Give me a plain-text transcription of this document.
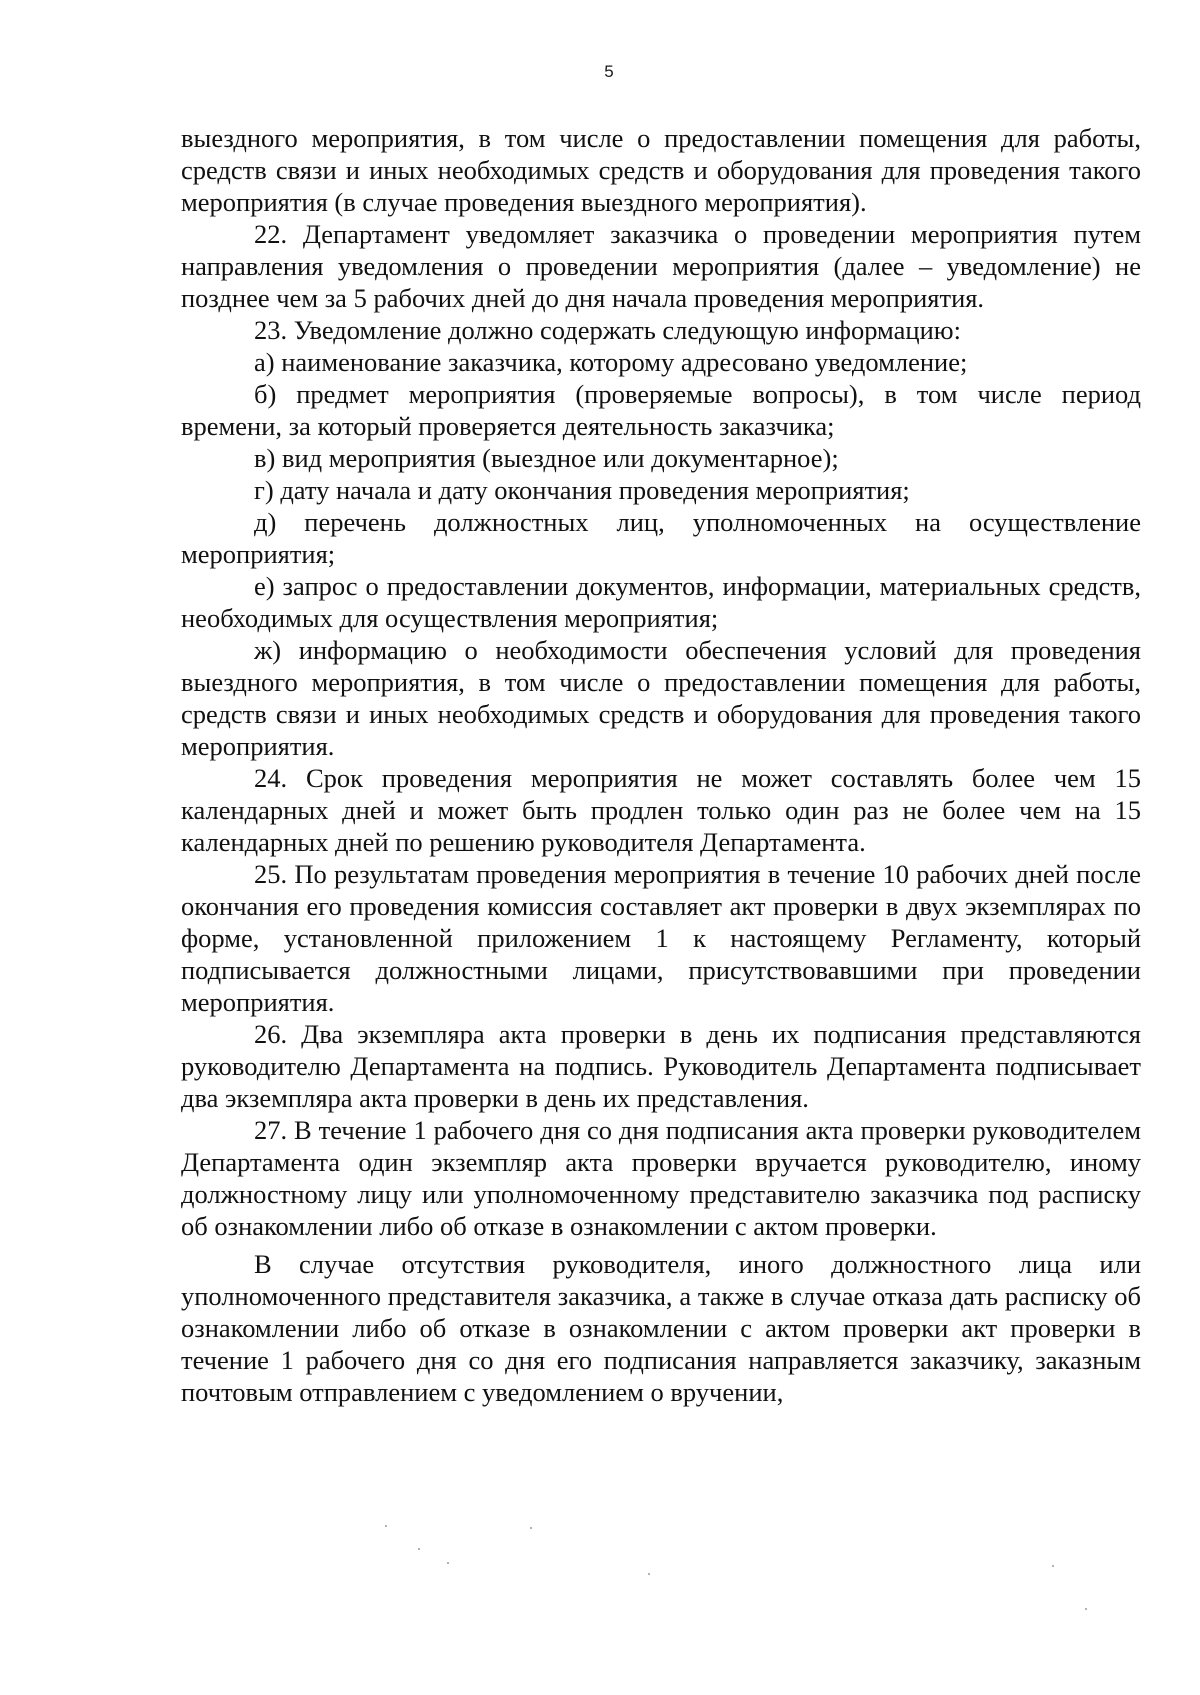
5

выездного мероприятия, в том числе о предоставлении помещения для работы, средств связи и иных необходимых средств и оборудования для проведения такого мероприятия (в случае проведения выездного мероприятия).

22. Департамент уведомляет заказчика о проведении мероприятия путем направления уведомления о проведении мероприятия (далее – уведомление) не позднее чем за 5 рабочих дней до дня начала проведения мероприятия.

23. Уведомление должно содержать следующую информацию:

а) наименование заказчика, которому адресовано уведомление;

б) предмет мероприятия (проверяемые вопросы), в том числе период времени, за который проверяется деятельность заказчика;

в) вид мероприятия (выездное или документарное);

г) дату начала и дату окончания проведения мероприятия;

д) перечень должностных лиц, уполномоченных на осуществление мероприятия;

е) запрос о предоставлении документов, информации, материальных средств, необходимых для осуществления мероприятия;

ж) информацию о необходимости обеспечения условий для проведения выездного мероприятия, в том числе о предоставлении помещения для работы, средств связи и иных необходимых средств и оборудования для проведения такого мероприятия.

24. Срок проведения мероприятия не может составлять более чем 15 календарных дней и может быть продлен только один раз не более чем на 15 календарных дней по решению руководителя Департамента.

25. По результатам проведения мероприятия в течение 10 рабочих дней после окончания его проведения комиссия составляет акт проверки в двух экземплярах по форме, установленной приложением 1 к настоящему Регламенту, который подписывается должностными лицами, присутствовавшими при проведении мероприятия.

26. Два экземпляра акта проверки в день их подписания представляются руководителю Департамента на подпись. Руководитель Департамента подписывает два экземпляра акта проверки в день их представления.

27. В течение 1 рабочего дня со дня подписания акта проверки руководителем Департамента один экземпляр акта проверки вручается руководителю, иному должностному лицу или уполномоченному представителю заказчика под расписку об ознакомлении либо об отказе в ознакомлении с актом проверки.

В случае отсутствия руководителя, иного должностного лица или уполномоченного представителя заказчика, а также в случае отказа дать расписку об ознакомлении либо об отказе в ознакомлении с актом проверки акт проверки в течение 1 рабочего дня со дня его подписания направляется заказчику, заказным почтовым отправлением с уведомлением о вручении,
